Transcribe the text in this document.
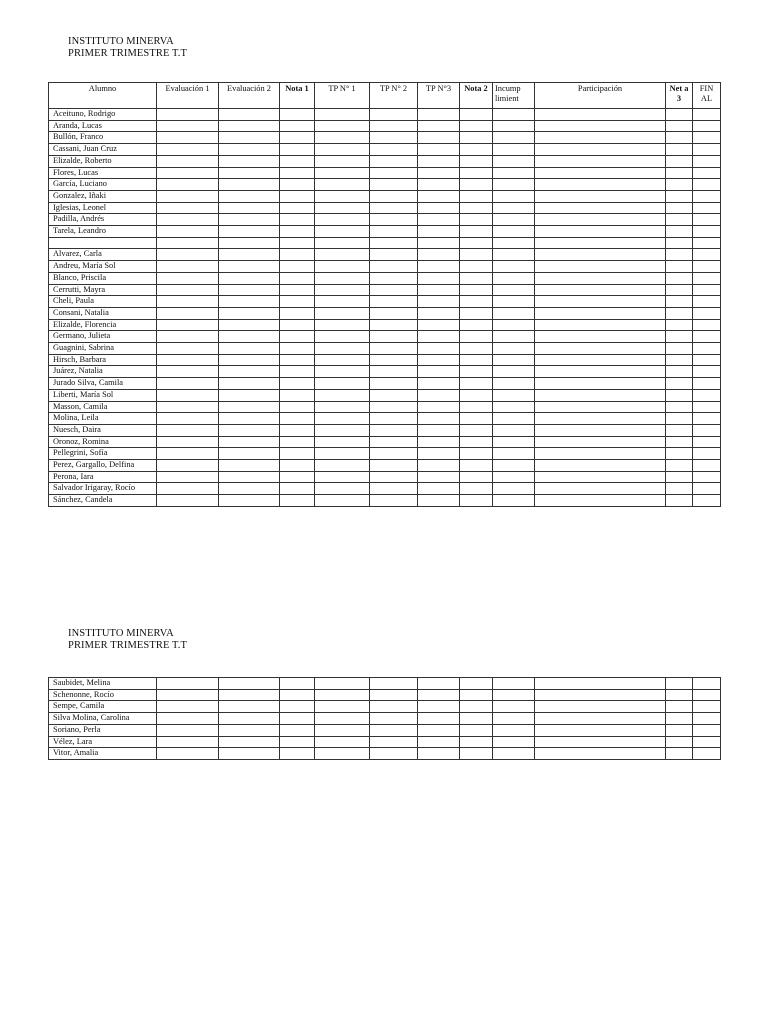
INSTITUTO MINERVA
PRIMER TRIMESTRE T.T
Alumno	Evaluación 1	Evaluación 2	Nota 1	TP N° 1	TP N° 2	TP N°3	Nota 2	Incump limient	Participación	Net a 3	FIN AL
Aceituno, Rodrigo											
Aranda, Lucas											
Bullón, Franco											
Cassani, Juan Cruz											
Elizalde, Roberto											
Flores, Lucas											
García, Luciano											
Gonzalez, Iñaki											
Iglesias, Leonel											
Padilla, Andrés											
Tarela, Leandro											

Alvarez, Carla											
Andreu, María Sol											
Blanco, Priscila											
Cerrutti, Mayra											
Cheli, Paula											
Consani, Natalia											
Elizalde, Florencia											
Germano, Julieta											
Guagnini, Sabrina											
Hirsch, Barbara											
Juárez, Natalia											
Jurado Silva, Camila											
Liberti, María Sol											
Masson, Camila											
Molina, Leila											
Nuesch, Daira											
Oronoz, Romina											
Pellegrini, Sofía											
Perez, Gargallo, Delfina											
Perona, Iara											
Salvador Irigaray, Rocío											
Sánchez, Candela											
INSTITUTO MINERVA
PRIMER TRIMESTRE T.T
Saubidet, Melina											
Schenonne, Rocío											
Sempe, Camila											
Silva Molina, Carolina											
Soriano, Perla											
Vélez, Lara											
Vitor, Amalia											
